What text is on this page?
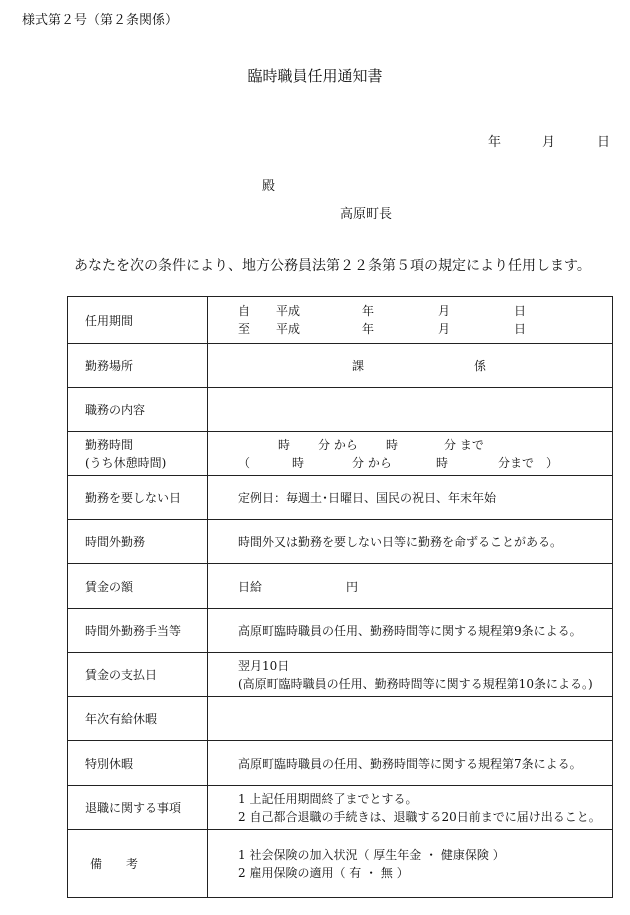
様式第２号（第２条関係）
臨時職員任用通知書
年	月	日
殿
高原町長
あなたを次の条件により、地方公務員法第２２条第５項の規定により任用します。
任用期間	自 平成 年 月 日
至 平成 年 月 日

勤務場所	課 係
職務の内容	

勤務時間
(うち休憩時間)	時 分 から 時 分 まで
（ 時 分 から 時 分まで　）

勤務を要しない日	定例日：毎週土･日曜日、国民の祝日、年末年始
時間外勤務	時間外又は勤務を要しない日等に勤務を命ずることがある。
賃金の額	日給 円
時間外勤務手当等	高原町臨時職員の任用、勤務時間等に関する規程第9条による。
賃金の支払日	翌月10日
(高原町臨時職員の任用、勤務時間等に関する規程第10条による。)

年次有給休暇	
特別休暇	高原町臨時職員の任用、勤務時間等に関する規程第7条による。
退職に関する事項	1 上記任用期間終了までとする。
2 自己都合退職の手続きは、退職する20日前までに届け出ること。

備　　考	1 社会保険の加入状況（ 厚生年金 ・ 健康保険 ）
2 雇用保険の適用（ 有 ・ 無 ）
